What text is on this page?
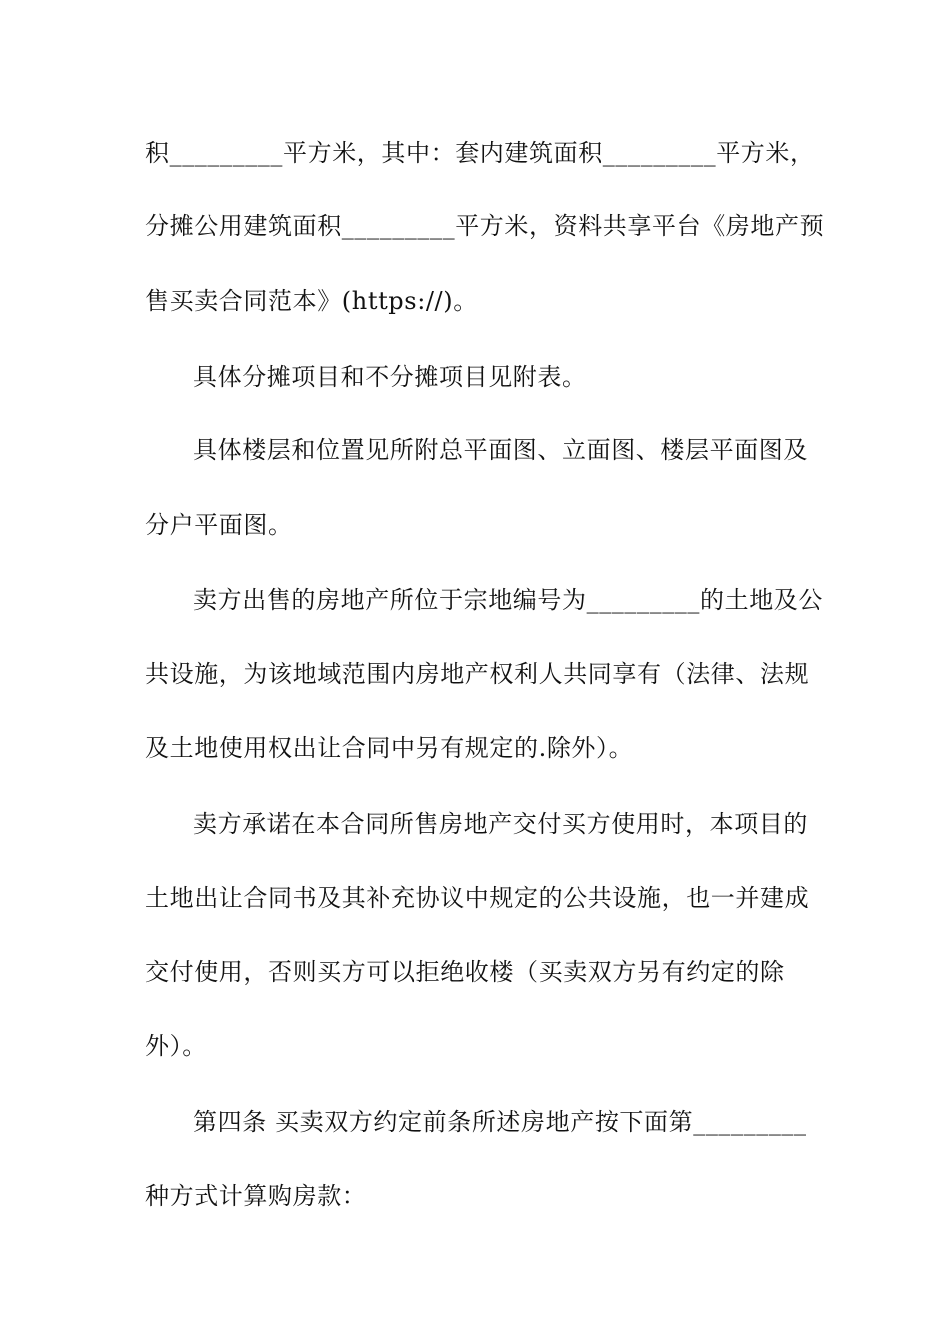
积_________平方米，其中：套内建筑面积_________平方米，
分摊公用建筑面积_________平方米，资料共享平台《房地产预
售买卖合同范本》(https://)。
具体分摊项目和不分摊项目见附表。
具体楼层和位置见所附总平面图、立面图、楼层平面图及
分户平面图。
卖方出售的房地产所位于宗地编号为_________的土地及公
共设施，为该地域范围内房地产权利人共同享有（法律、法规
及土地使用权出让合同中另有规定的.除外）。
卖方承诺在本合同所售房地产交付买方使用时，本项目的
土地出让合同书及其补充协议中规定的公共设施，也一并建成
交付使用，否则买方可以拒绝收楼（买卖双方另有约定的除
外）。
第四条 买卖双方约定前条所述房地产按下面第_________
种方式计算购房款：
